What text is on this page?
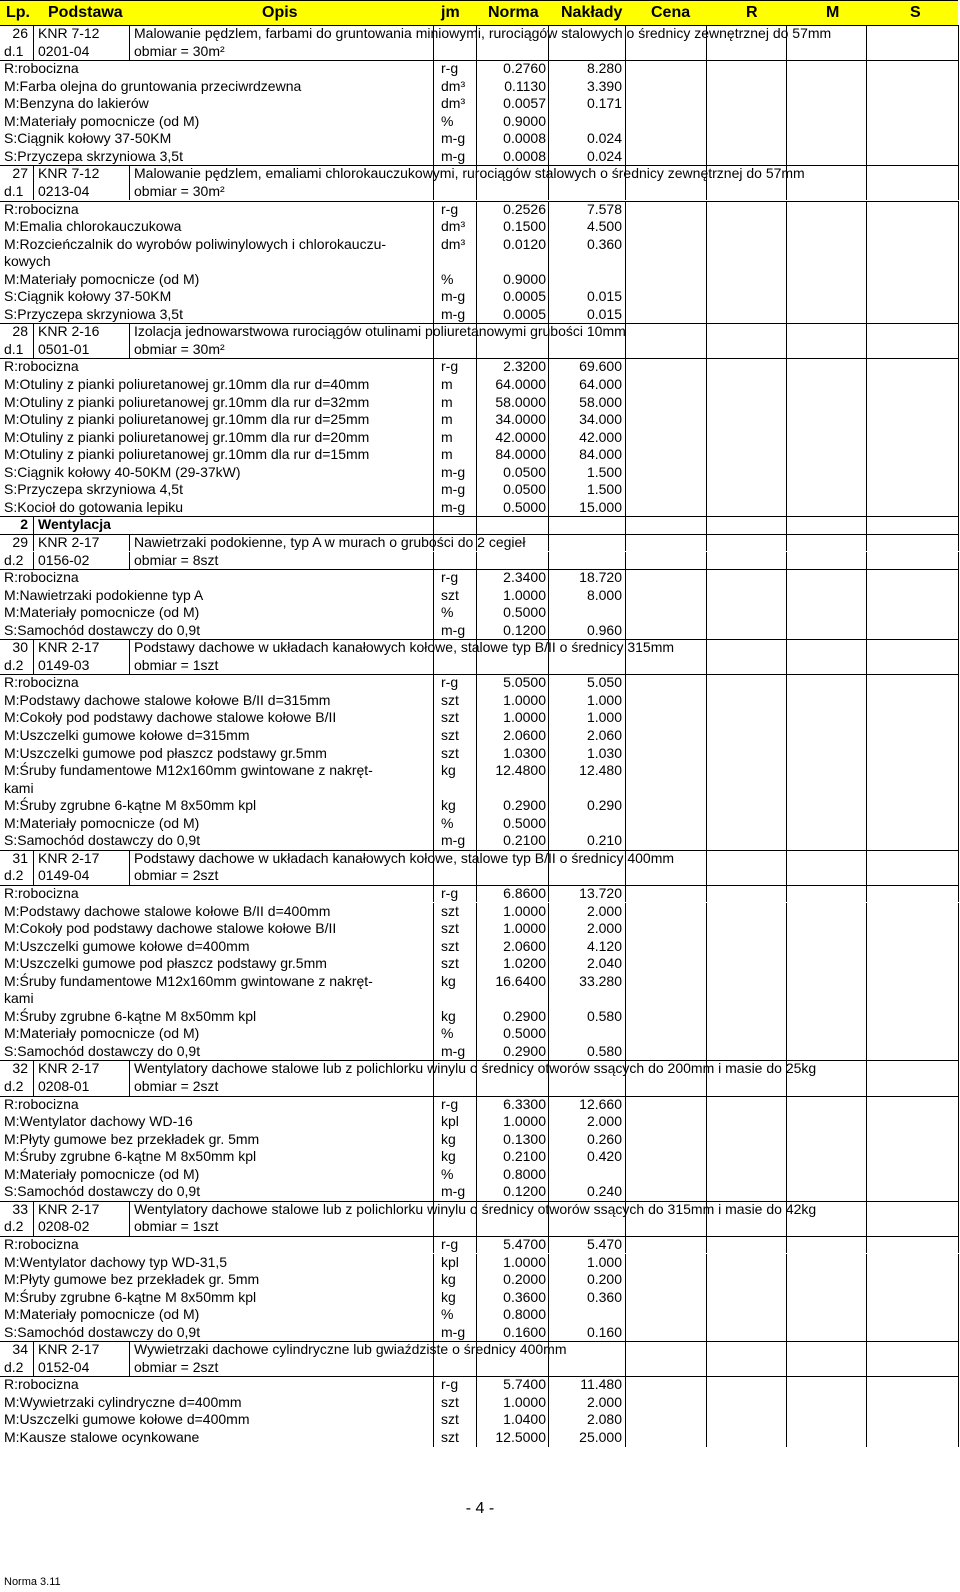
Lp. Podstawa	Opis	jm Norma Nakłady Cena	R	M	S
26 KNR 7-12 Malowanie pędzlem, farbami do gruntowania miniowymi, rurociągów stalowych o średnicy zewnętrznej do 57mm
d.1 0201-04	obmiar = 30m²
R:robocizna	r-g	0.2760	8.280
M:Farba olejna do gruntowania przeciwrdzewna	dm³	0.1130	3.390
M:Benzyna do lakierów	dm³	0.0057	0.171
M:Materiały pomocnicze (od M)	%	0.9000
S:Ciągnik kołowy 37-50KM	m-g	0.0008	0.024
S:Przyczepa skrzyniowa 3,5t	m-g	0.0008	0.024
27 KNR 7-12 Malowanie pędzlem, emaliami chlorokauczukowymi, rurociągów stalowych o średnicy zewnętrznej do 57mm
d.1 0213-04	obmiar = 30m²
R:robocizna	r-g	0.2526	7.578
M:Emalia chlorokauczukowa	dm³	0.1500	4.500
M:Rozcieńczalnik do wyrobów poliwinylowych i chlorokauczu-	dm³	0.0120	0.360
kowych
M:Materiały pomocnicze (od M)	%	0.9000
S:Ciągnik kołowy 37-50KM	m-g	0.0005	0.015
S:Przyczepa skrzyniowa 3,5t	m-g	0.0005	0.015
28 KNR 2-16 Izolacja jednowarstwowa rurociągów otulinami poliuretanowymi grubości 10mm
d.1 0501-01	obmiar = 30m²
R:robocizna	r-g	2.3200	69.600
M:Otuliny z pianki poliuretanowej gr.10mm dla rur d=40mm	m	64.0000	64.000
M:Otuliny z pianki poliuretanowej gr.10mm dla rur d=32mm	m	58.0000	58.000
M:Otuliny z pianki poliuretanowej gr.10mm dla rur d=25mm	m	34.0000	34.000
M:Otuliny z pianki poliuretanowej gr.10mm dla rur d=20mm	m	42.0000	42.000
M:Otuliny z pianki poliuretanowej gr.10mm dla rur d=15mm	m	84.0000	84.000
S:Ciągnik kołowy 40-50KM (29-37kW)	m-g	0.0500	1.500
S:Przyczepa skrzyniowa 4,5t	m-g	0.0500	1.500
S:Kocioł do gotowania lepiku	m-g	0.5000	15.000
2 Wentylacja
29 KNR 2-17 Nawietrzaki podokienne, typ A w murach o grubości do 2 cegieł
d.2 0156-02	obmiar = 8szt
R:robocizna	r-g	2.3400	18.720
M:Nawietrzaki podokienne typ A	szt	1.0000	8.000
M:Materiały pomocnicze (od M)	%	0.5000
S:Samochód dostawczy do 0,9t	m-g	0.1200	0.960
30 KNR 2-17 Podstawy dachowe w układach kanałowych kołowe, stalowe typ B/II o średnicy 315mm
d.2 0149-03	obmiar = 1szt
R:robocizna	r-g	5.0500	5.050
M:Podstawy dachowe stalowe kołowe B/II d=315mm	szt	1.0000	1.000
M:Cokoły pod podstawy dachowe stalowe kołowe B/II	szt	1.0000	1.000
M:Uszczelki gumowe kołowe d=315mm	szt	2.0600	2.060
M:Uszczelki gumowe pod płaszcz podstawy gr.5mm	szt	1.0300	1.030
M:Śruby fundamentowe M12x160mm gwintowane z nakręt-	kg	12.4800	12.480
kami
M:Śruby zgrubne 6-kątne M 8x50mm kpl	kg	0.2900	0.290
M:Materiały pomocnicze (od M)	%	0.5000
S:Samochód dostawczy do 0,9t	m-g	0.2100	0.210
31 KNR 2-17 Podstawy dachowe w układach kanałowych kołowe, stalowe typ B/II o średnicy 400mm
d.2 0149-04	obmiar = 2szt
R:robocizna	r-g	6.8600	13.720
M:Podstawy dachowe stalowe kołowe B/II d=400mm	szt	1.0000	2.000
M:Cokoły pod podstawy dachowe stalowe kołowe B/II	szt	1.0000	2.000
M:Uszczelki gumowe kołowe d=400mm	szt	2.0600	4.120
M:Uszczelki gumowe pod płaszcz podstawy gr.5mm	szt	1.0200	2.040
M:Śruby fundamentowe M12x160mm gwintowane z nakręt-	kg	16.6400	33.280
kami
M:Śruby zgrubne 6-kątne M 8x50mm kpl	kg	0.2900	0.580
M:Materiały pomocnicze (od M)	%	0.5000
S:Samochód dostawczy do 0,9t	m-g	0.2900	0.580
32 KNR 2-17 Wentylatory dachowe stalowe lub z polichlorku winylu o średnicy otworów ssących do 200mm i masie do 25kg
d.2 0208-01	obmiar = 2szt
R:robocizna	r-g	6.3300	12.660
M:Wentylator dachowy WD-16	kpl	1.0000	2.000
M:Płyty gumowe bez przekładek gr. 5mm	kg	0.1300	0.260
M:Śruby zgrubne 6-kątne M 8x50mm kpl	kg	0.2100	0.420
M:Materiały pomocnicze (od M)	%	0.8000
S:Samochód dostawczy do 0,9t	m-g	0.1200	0.240
33 KNR 2-17 Wentylatory dachowe stalowe lub z polichlorku winylu o średnicy otworów ssących do 315mm i masie do 42kg
d.2 0208-02	obmiar = 1szt
R:robocizna	r-g	5.4700	5.470
M:Wentylator dachowy typ WD-31,5	kpl	1.0000	1.000
M:Płyty gumowe bez przekładek gr. 5mm	kg	0.2000	0.200
M:Śruby zgrubne 6-kątne M 8x50mm kpl	kg	0.3600	0.360
M:Materiały pomocnicze (od M)	%	0.8000
S:Samochód dostawczy do 0,9t	m-g	0.1600	0.160
34 KNR 2-17 Wywietrzaki dachowe cylindryczne lub gwiaździste o średnicy 400mm
d.2 0152-04	obmiar = 2szt
R:robocizna	r-g	5.7400	11.480
M:Wywietrzaki cylindryczne d=400mm	szt	1.0000	2.000
M:Uszczelki gumowe kołowe d=400mm	szt	1.0400	2.080
M:Kausze stalowe ocynkowane	szt	12.5000	25.000
- 4 -
Norma 3.11
